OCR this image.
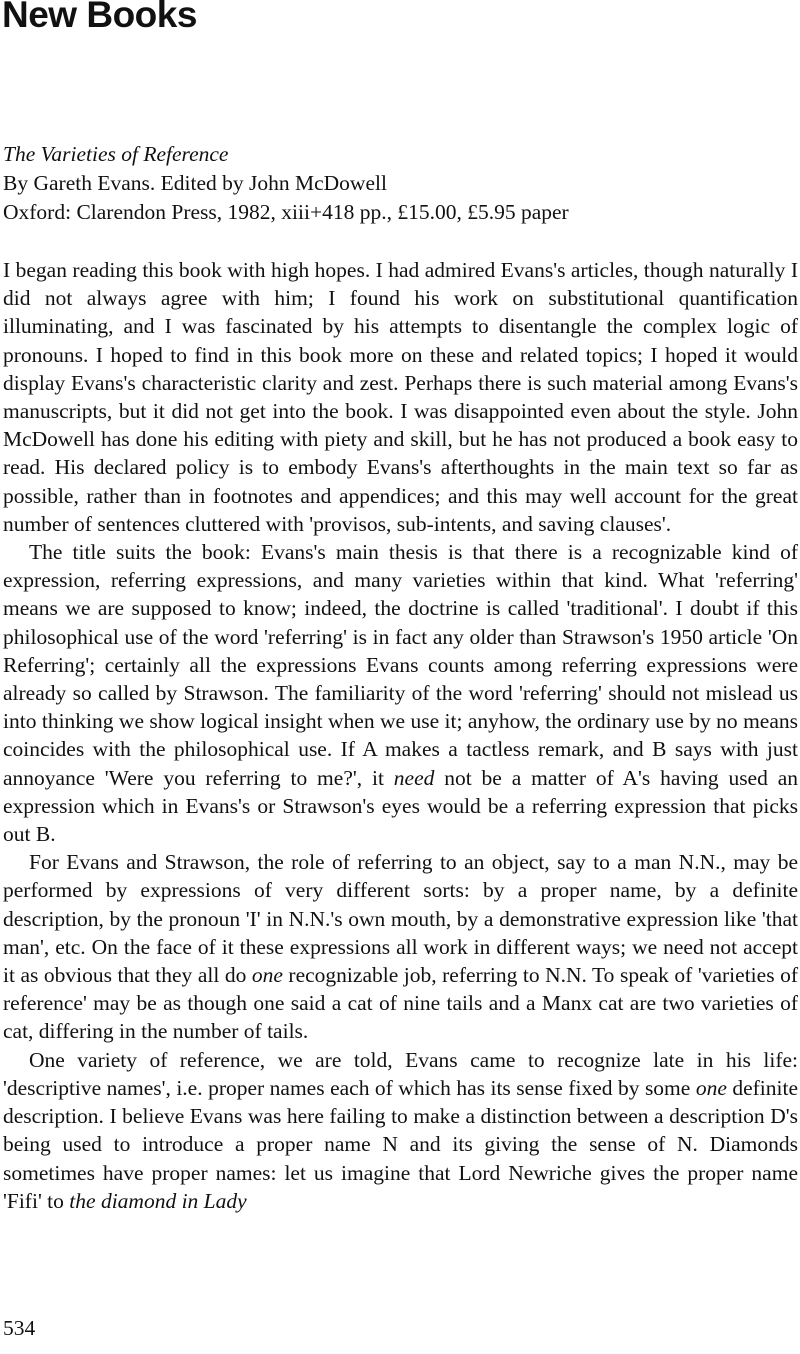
New Books
The Varieties of Reference
By Gareth Evans. Edited by John McDowell
Oxford: Clarendon Press, 1982, xiii+418 pp., £15.00, £5.95 paper

I began reading this book with high hopes. I had admired Evans's articles, though naturally I did not always agree with him; I found his work on substitutional quantification illuminating, and I was fascinated by his attempts to disentangle the complex logic of pronouns. I hoped to find in this book more on these and related topics; I hoped it would display Evans's characteristic clarity and zest. Perhaps there is such material among Evans's manuscripts, but it did not get into the book. I was disappointed even about the style. John McDowell has done his editing with piety and skill, but he has not produced a book easy to read. His declared policy is to embody Evans's afterthoughts in the main text so far as possible, rather than in footnotes and appendices; and this may well account for the great number of sentences cluttered with 'provisos, sub-intents, and saving clauses'.

The title suits the book: Evans's main thesis is that there is a recognizable kind of expression, referring expressions, and many varieties within that kind. What 'referring' means we are supposed to know; indeed, the doctrine is called 'traditional'. I doubt if this philosophical use of the word 'referring' is in fact any older than Strawson's 1950 article 'On Referring'; certainly all the expressions Evans counts among referring expressions were already so called by Strawson. The familiarity of the word 'referring' should not mislead us into thinking we show logical insight when we use it; anyhow, the ordinary use by no means coincides with the philosophical use. If A makes a tactless remark, and B says with just annoyance 'Were you referring to me?', it need not be a matter of A's having used an expression which in Evans's or Strawson's eyes would be a referring expression that picks out B.

For Evans and Strawson, the role of referring to an object, say to a man N.N., may be performed by expressions of very different sorts: by a proper name, by a definite description, by the pronoun 'I' in N.N.'s own mouth, by a demonstrative expression like 'that man', etc. On the face of it these expressions all work in different ways; we need not accept it as obvious that they all do one recognizable job, referring to N.N. To speak of 'varieties of reference' may be as though one said a cat of nine tails and a Manx cat are two varieties of cat, differing in the number of tails.

One variety of reference, we are told, Evans came to recognize late in his life: 'descriptive names', i.e. proper names each of which has its sense fixed by some one definite description. I believe Evans was here failing to make a distinction between a description D's being used to introduce a proper name N and its giving the sense of N. Diamonds sometimes have proper names: let us imagine that Lord Newriche gives the proper name 'Fifi' to the diamond in Lady

534
